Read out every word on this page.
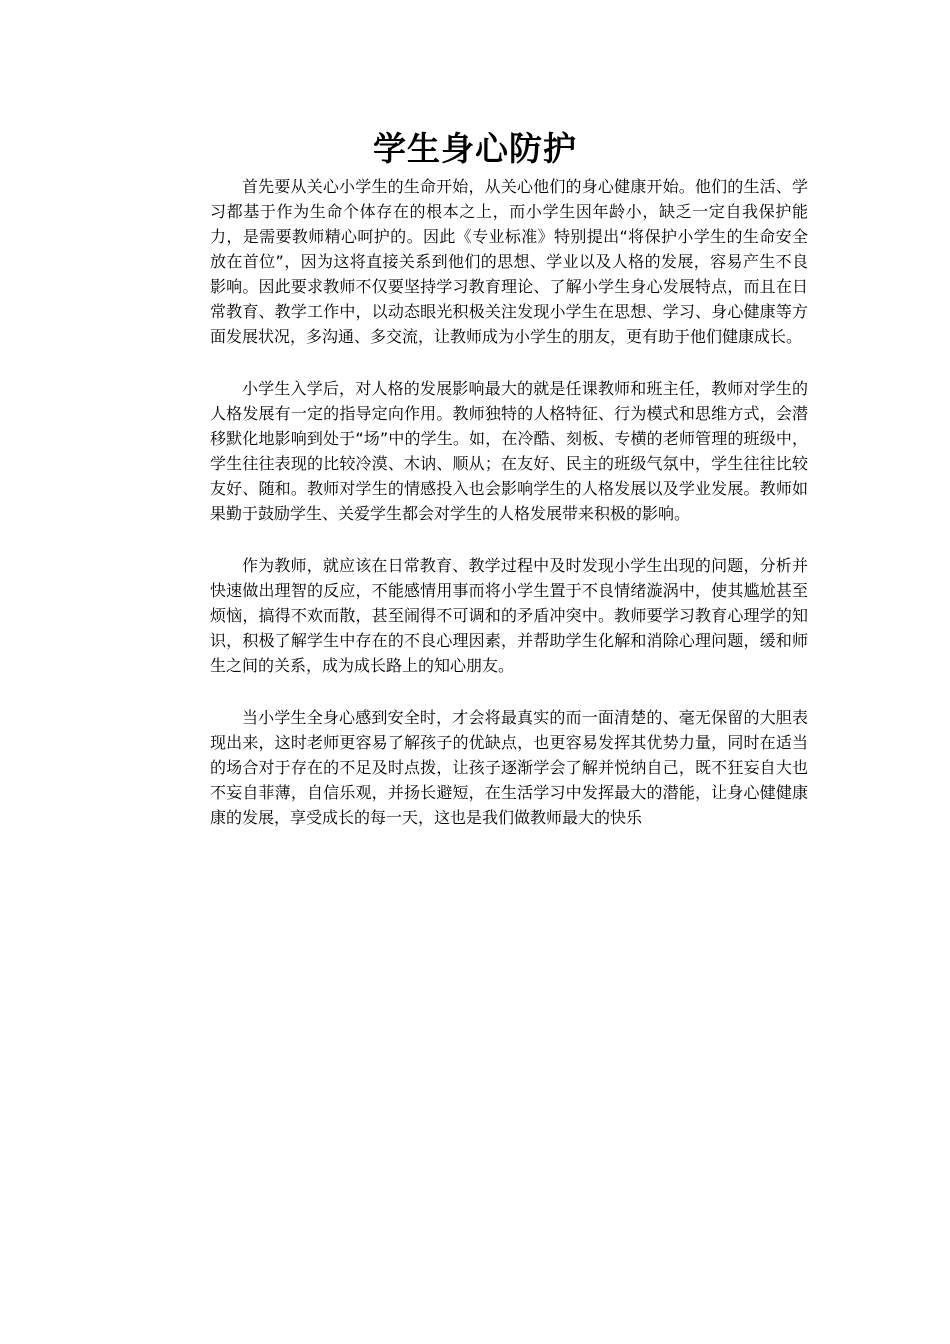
学生身心防护

首先要从关心小学生的生命开始，从关心他们的身心健康开始。他们的生活、学习都基于作为生命个体存在的根本之上，而小学生因年龄小，缺乏一定自我保护能力，是需要教师精心呵护的。因此《专业标准》特别提出“将保护小学生的生命安全放在首位”，因为这将直接关系到他们的思想、学业以及人格的发展，容易产生不良影响。因此要求教师不仅要坚持学习教育理论、了解小学生身心发展特点，而且在日常教育、教学工作中，以动态眼光积极关注发现小学生在思想、学习、身心健康等方面发展状况，多沟通、多交流，让教师成为小学生的朋友，更有助于他们健康成长。

小学生入学后，对人格的发展影响最大的就是任课教师和班主任，教师对学生的人格发展有一定的指导定向作用。教师独特的人格特征、行为模式和思维方式，会潜移默化地影响到处于“场”中的学生。如，在冷酷、刻板、专横的老师管理的班级中，学生往往表现的比较冷漠、木讷、顺从；在友好、民主的班级气氛中，学生往往比较友好、随和。教师对学生的情感投入也会影响学生的人格发展以及学业发展。教师如果勤于鼓励学生、关爱学生都会对学生的人格发展带来积极的影响。

作为教师，就应该在日常教育、教学过程中及时发现小学生出现的问题，分析并快速做出理智的反应，不能感情用事而将小学生置于不良情绪漩涡中，使其尴尬甚至烦恼，搞得不欢而散，甚至闹得不可调和的矛盾冲突中。教师要学习教育心理学的知识，积极了解学生中存在的不良心理因素，并帮助学生化解和消除心理问题，缓和师生之间的关系，成为成长路上的知心朋友。

当小学生全身心感到安全时，才会将最真实的而一面清楚的、毫无保留的大胆表现出来，这时老师更容易了解孩子的优缺点，也更容易发挥其优势力量，同时在适当的场合对于存在的不足及时点拨，让孩子逐渐学会了解并悦纳自己，既不狂妄自大也不妄自菲薄，自信乐观，并扬长避短，在生活学习中发挥最大的潜能，让身心健健康康的发展，享受成长的每一天，这也是我们做教师最大的快乐
